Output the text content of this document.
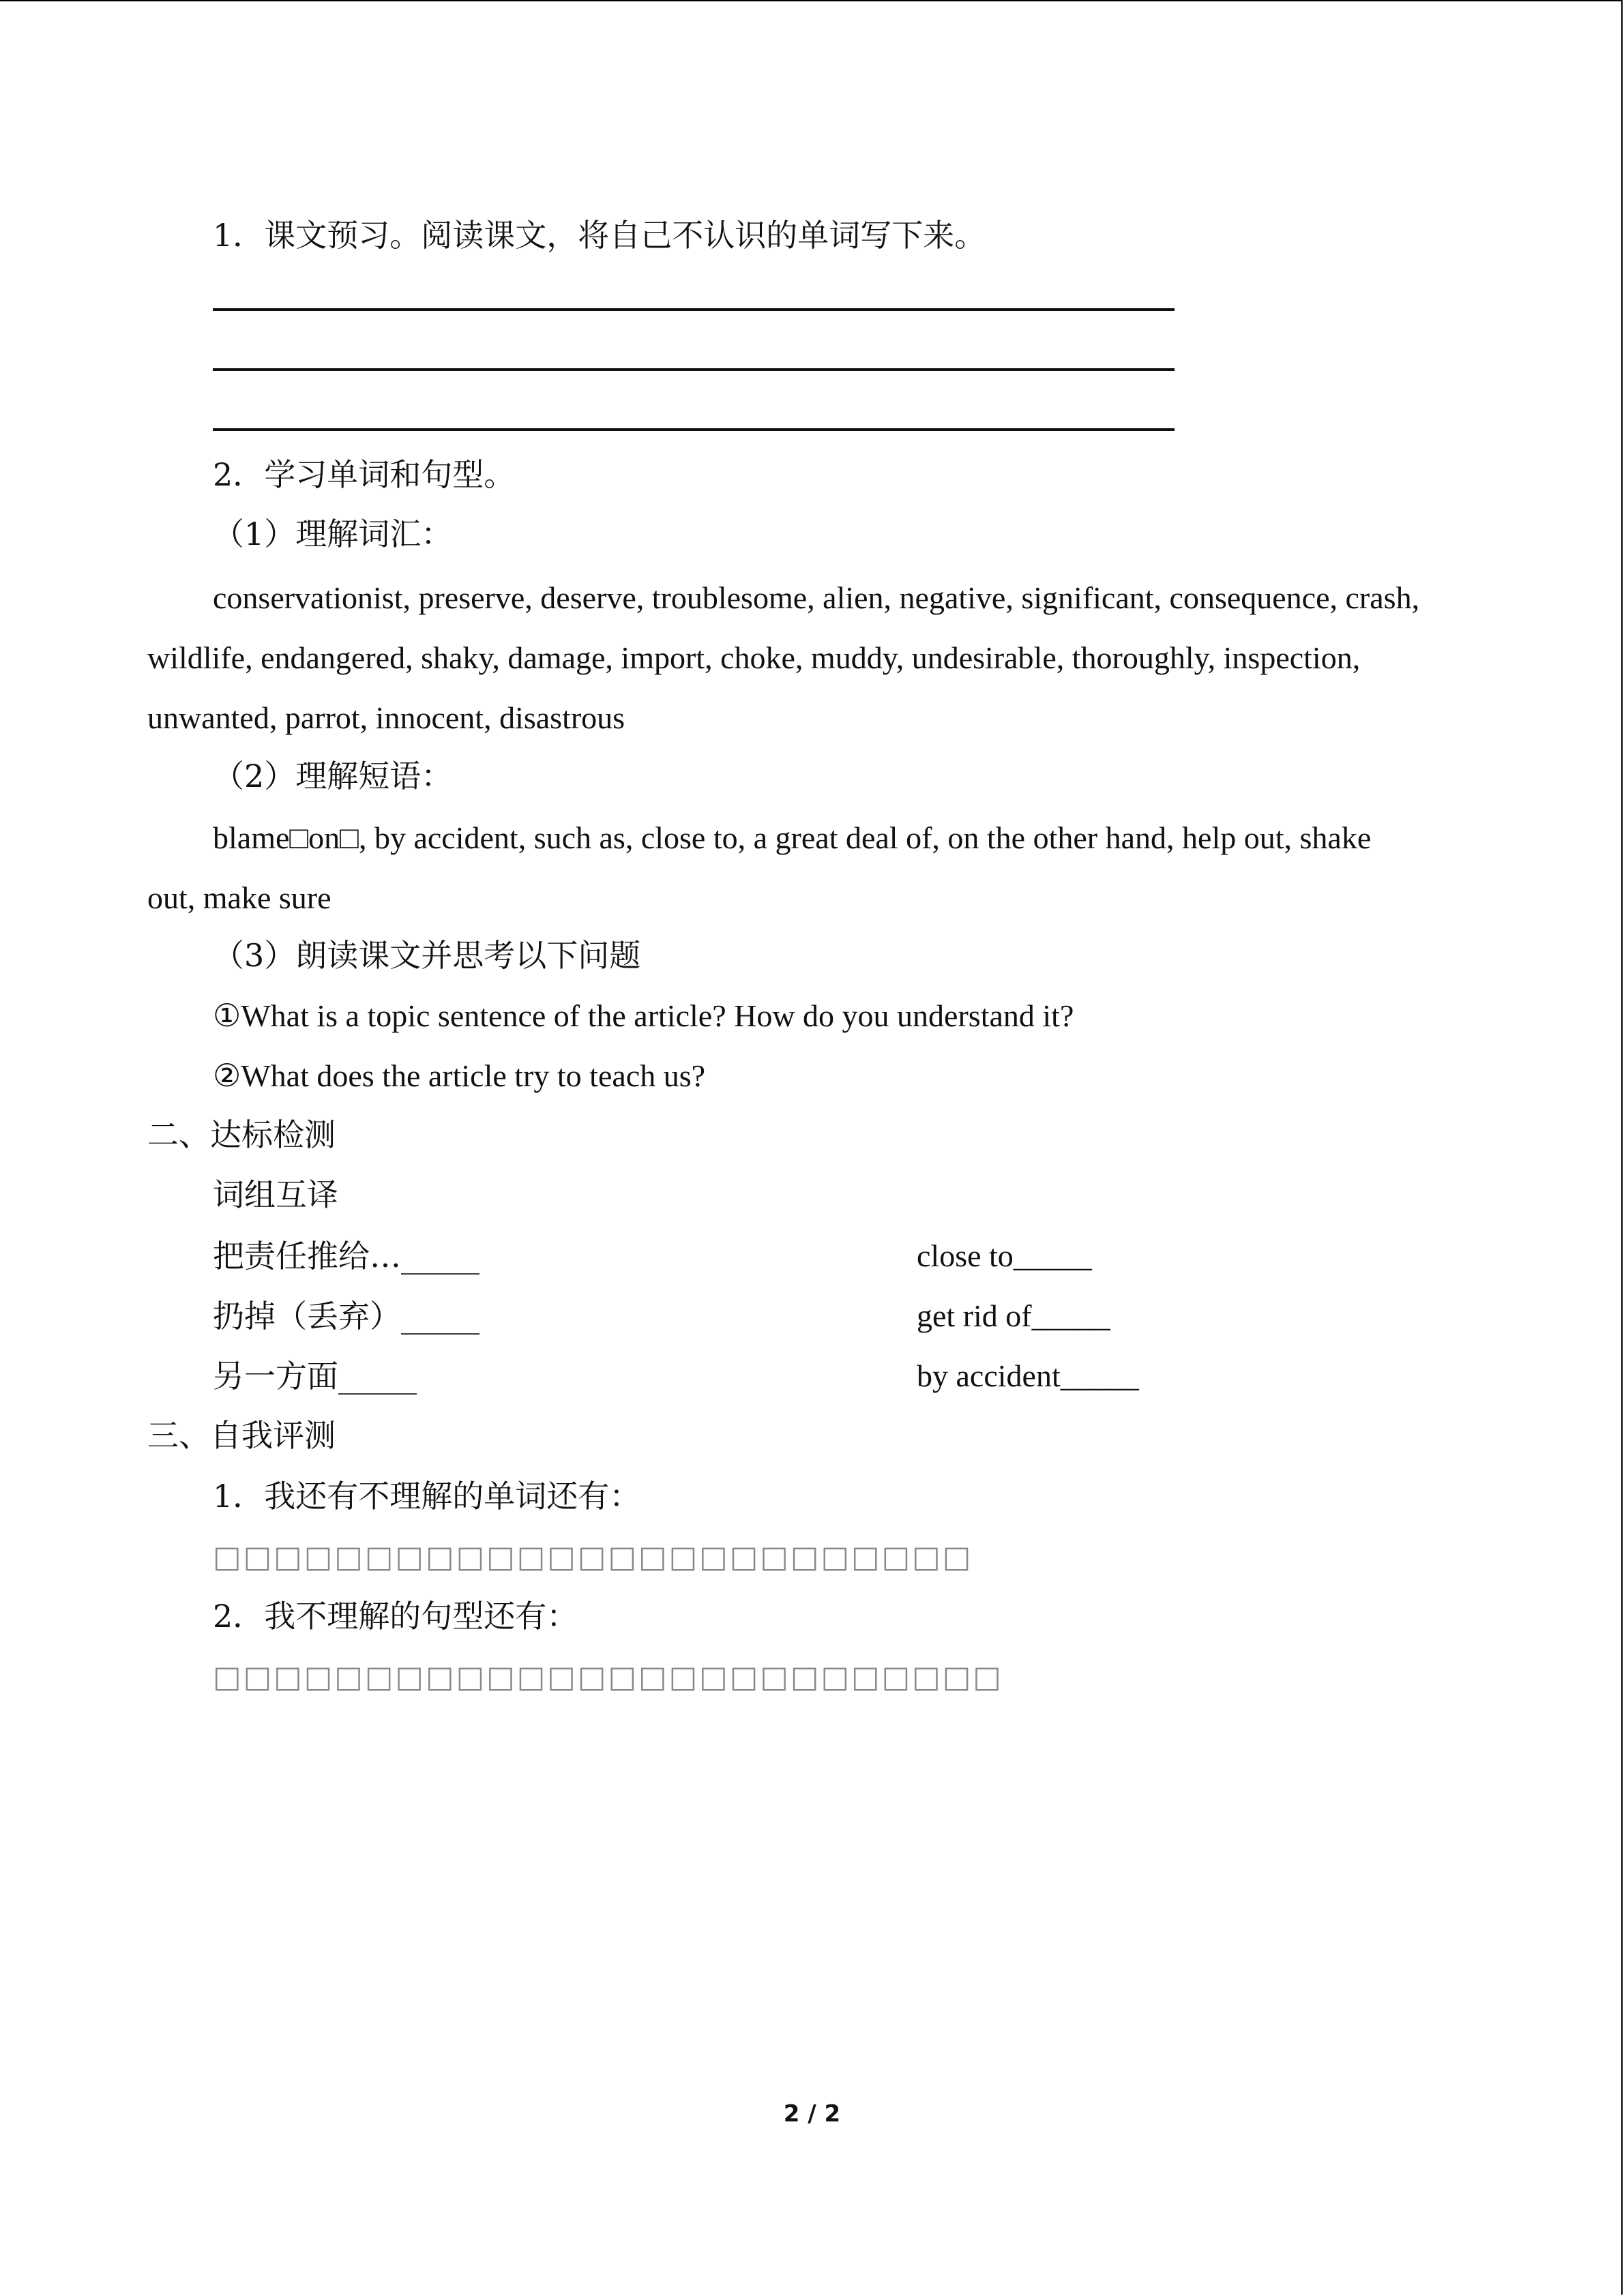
1．课文预习。阅读课文，将自己不认识的单词写下来。
2．学习单词和句型。
（1）理解词汇：
conservationist, preserve, deserve, troublesome, alien, negative, significant, consequence, crash,
wildlife, endangered, shaky, damage, import, choke, muddy, undesirable, thoroughly, inspection,
unwanted, parrot, innocent, disastrous
（2）理解短语：
blame□on□, by accident, such as, close to, a great deal of, on the other hand, help out, shake
out, make sure
（3）朗读课文并思考以下问题
①What is a topic sentence of the article? How do you understand it?
②What does the article try to teach us?
二、达标检测
词组互译
把责任推给…_____	close to_____
扔掉（丢弃）_____	get rid of_____
另一方面_____	by accident_____
三、自我评测
1．我还有不理解的单词还有：
□□□□□□□□□□□□□□□□□□□□□□□□□
2．我不理解的句型还有：
□□□□□□□□□□□□□□□□□□□□□□□□□□
2 / 2
